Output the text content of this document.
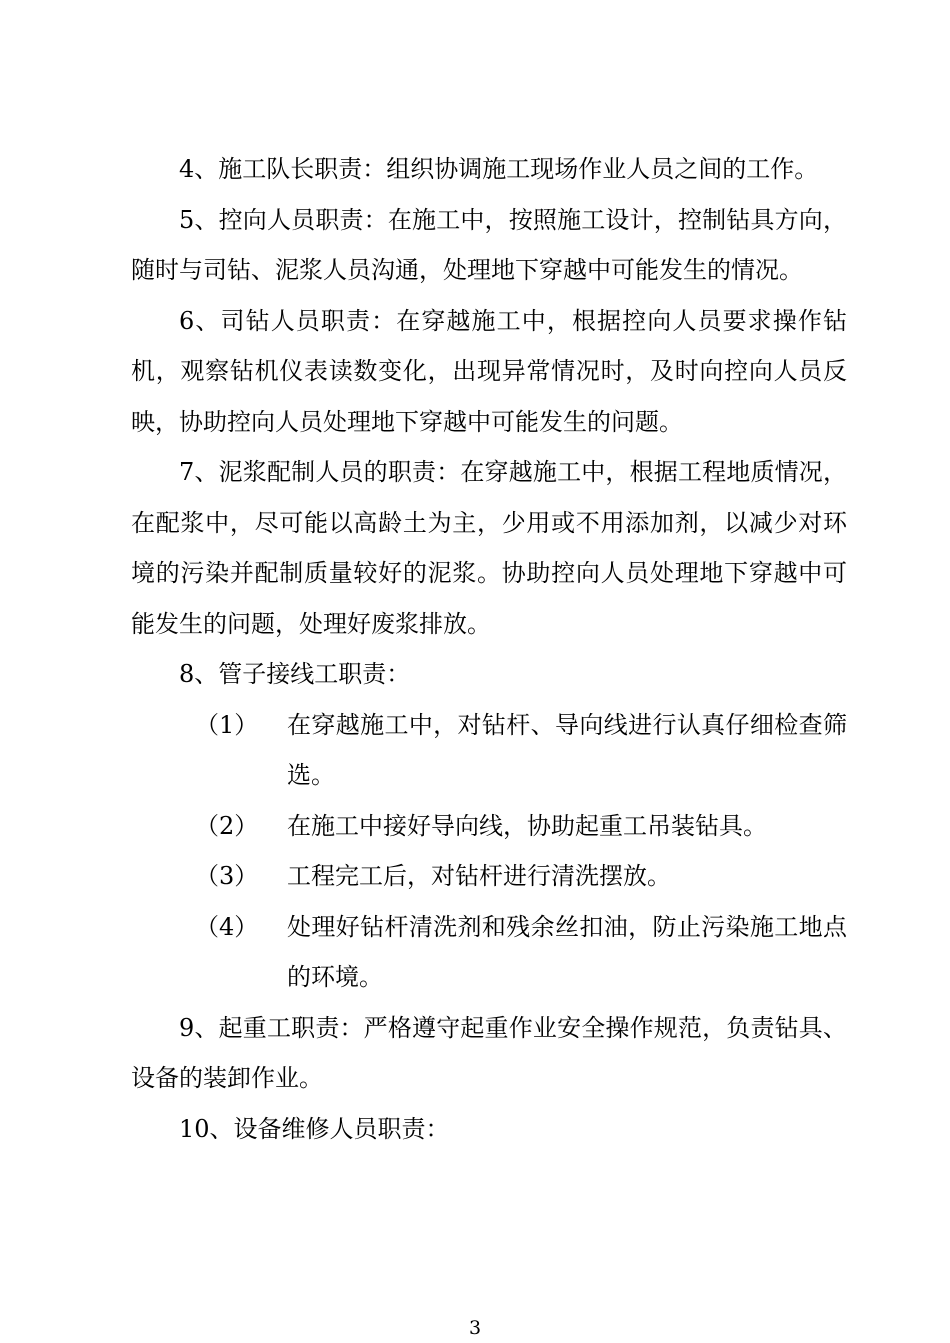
4、施工队长职责：组织协调施工现场作业人员之间的工作。

5、控向人员职责：在施工中，按照施工设计，控制钻具方向，随时与司钻、泥浆人员沟通，处理地下穿越中可能发生的情况。

6、司钻人员职责：在穿越施工中，根据控向人员要求操作钻机，观察钻机仪表读数变化，出现异常情况时，及时向控向人员反映，协助控向人员处理地下穿越中可能发生的问题。

7、泥浆配制人员的职责：在穿越施工中，根据工程地质情况，在配浆中，尽可能以高龄土为主，少用或不用添加剂，以减少对环境的污染并配制质量较好的泥浆。协助控向人员处理地下穿越中可能发生的问题，处理好废浆排放。

8、管子接线工职责：

（1） 在穿越施工中，对钻杆、导向线进行认真仔细检查筛选。
（2） 在施工中接好导向线，协助起重工吊装钻具。
（3） 工程完工后，对钻杆进行清洗摆放。
（4） 处理好钻杆清洗剂和残余丝扣油，防止污染施工地点的环境。

9、起重工职责：严格遵守起重作业安全操作规范，负责钻具、设备的装卸作业。

10、设备维修人员职责：

3
